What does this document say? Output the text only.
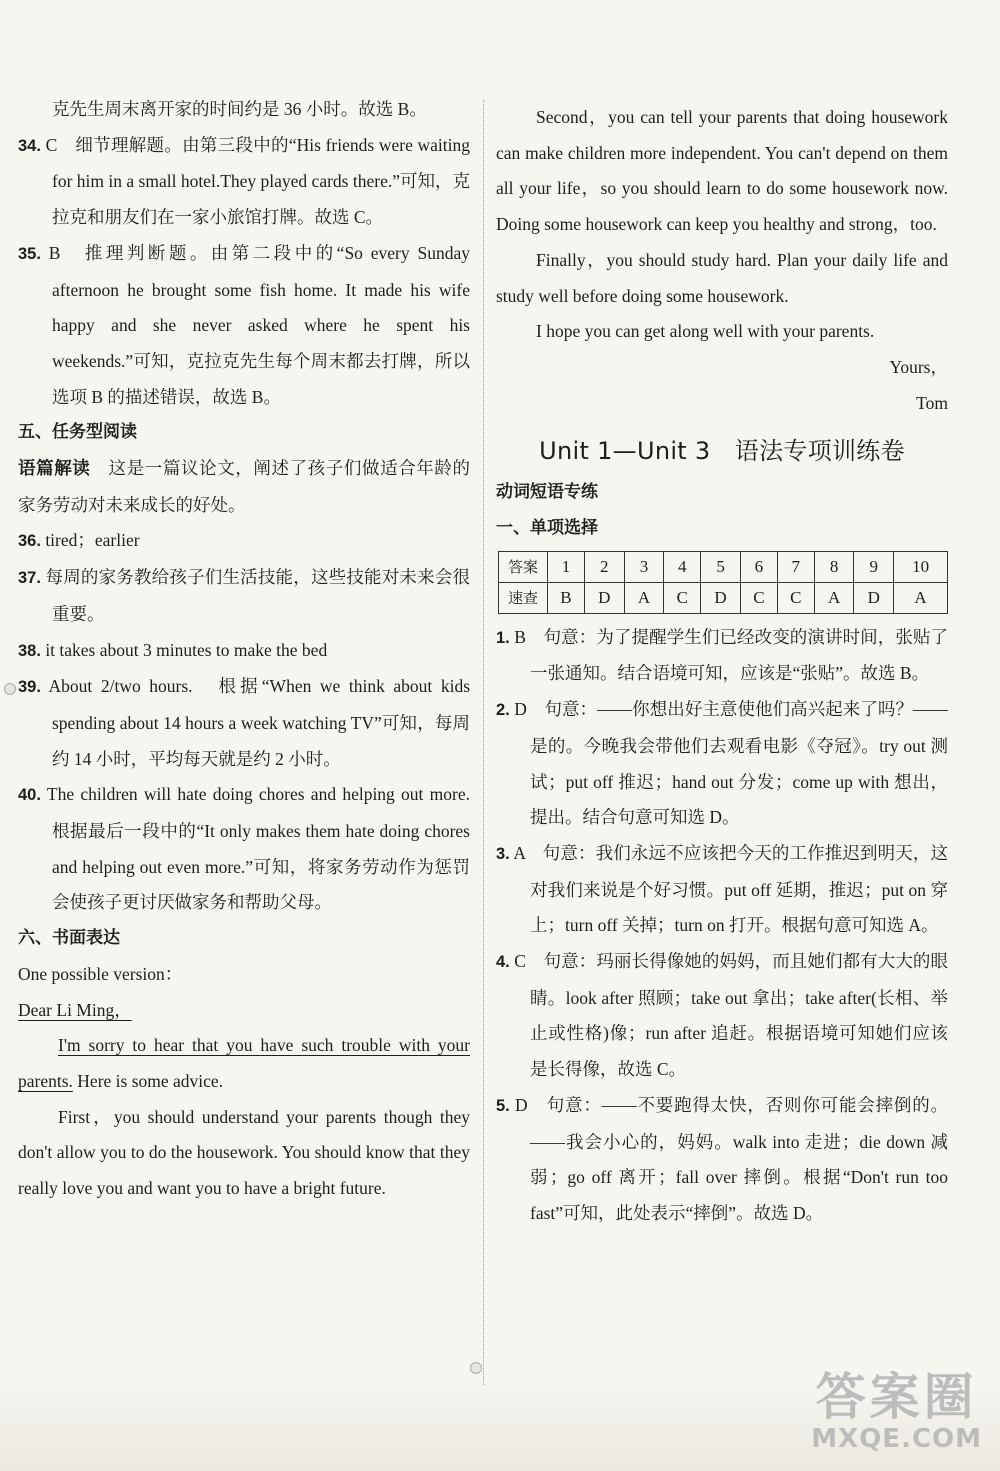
克先生周末离开家的时间约是 36 小时。故选 B。

34. C　细节理解题。由第三段中的“His friends were waiting for him in a small hotel.They played cards there.”可知，克拉克和朋友们在一家小旅馆打牌。故选 C。

35. B　推理判断题。由第二段中的“So every Sunday afternoon he brought some fish home. It made his wife happy and she never asked where he spent his weekends.”可知，克拉克先生每个周末都去打牌，所以选项 B 的描述错误，故选 B。

五、任务型阅读

语篇解读　 这是一篇议论文，阐述了孩子们做适合年龄的家务劳动对未来成长的好处。

36. tired；earlier

37. 每周的家务教给孩子们生活技能，这些技能对未来会很重要。

38. it takes about 3 minutes to make the bed

39. About 2/two hours.　根据“When we think about kids spending about 14 hours a week watching TV”可知，每周约 14 小时，平均每天就是约 2 小时。

40. The children will hate doing chores and helping out more.　根据最后一段中的“It only makes them hate doing chores and helping out even more.”可知，将家务劳动作为惩罚会使孩子更讨厌做家务和帮助父母。

六、书面表达

One possible version：

Dear Li Ming，

I'm sorry to hear that you have such trouble with your parents. Here is some advice.

First，you should understand your parents though they don't allow you to do the housework. You should know that they really love you and want you to have a bright future.

Second，you can tell your parents that doing housework can make children more independent. You can't depend on them all your life，so you should learn to do some housework now. Doing some housework can keep you healthy and strong，too.

Finally，you should study hard. Plan your daily life and study well before doing some housework.

I hope you can get along well with your parents.

Yours，

Tom

Unit 1—Unit 3　语法专项训练卷

动词短语专练

一、单项选择

答案	1	2	3	4	5	6	7	8	9	10
速查	B	D	A	C	D	C	C	A	D	A

1. B　句意：为了提醒学生们已经改变的演讲时间，张贴了一张通知。结合语境可知，应该是“张贴”。故选 B。

2. D　句意：——你想出好主意使他们高兴起来了吗？——是的。今晚我会带他们去观看电影《夺冠》。try out 测试；put off 推迟；hand out 分发；come up with 想出，提出。结合句意可知选 D。

3. A　句意：我们永远不应该把今天的工作推迟到明天，这对我们来说是个好习惯。put off 延期，推迟；put on 穿上；turn off 关掉；turn on 打开。根据句意可知选 A。

4. C　句意：玛丽长得像她的妈妈，而且她们都有大大的眼睛。look after 照顾；take out 拿出；take after(长相、举止或性格)像；run after 追赶。根据语境可知她们应该是长得像，故选 C。

5. D　句意：——不要跑得太快，否则你可能会摔倒的。——我会小心的，妈妈。walk into 走进；die down 减弱；go off 离开；fall over 摔倒。根据“Don't run too fast”可知，此处表示“摔倒”。故选 D。

答案圈
MXQE.COM
